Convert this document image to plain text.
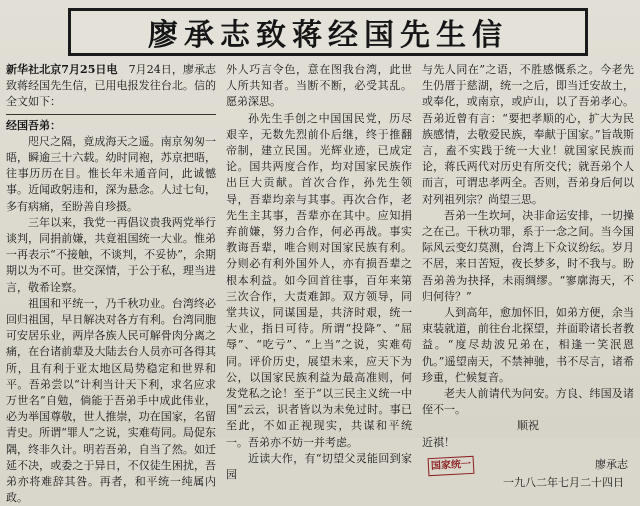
廖承志致蒋经国先生信

新华社北京7月25日电　 7月24日，廖承志致蒋经国先生信，已用电报发往台北。信的全文如下：

经国吾弟：

咫尺之隔，竟成海天之遥。南京匆匆一晤，瞬逾三十六载。幼时同袍，苏京把晤，往事历历在目。惟长年未通音问，此诚憾事。近闻政躬违和，深为悬念。人过七旬，多有病痛，至盼善自珍摄。

三年以来，我党一再倡议贵我两党举行谈判，同捐前嫌，共竟祖国统一大业。惟弟一再表示“不接触，不谈判，不妥协”，余期期以为不可。世交深情，于公于私，理当进言，敬希诠察。

祖国和平统一，乃千秋功业。台湾终必回归祖国，早日解决对各方有利。台湾同胞可安居乐业，两岸各族人民可解骨肉分离之痛，在台诸前辈及大陆去台人员亦可各得其所，且有利于亚太地区局势稳定和世界和平。吾弟尝以“计利当计天下利，求名应求万世名”自勉，倘能于吾弟手中成此伟业，必为举国尊敬，世人推崇，功在国家，名留青史。所谓“罪人”之说，实难苟同。局促东隅，终非久计。明若吾弟，自当了然。如迁延不决，或委之于异日，不仅徒生困扰，吾弟亦将难辞其咎。再者，和平统一纯属内政。

外人巧言令色，意在图我台湾，此世人所共知者。当断不断，必受其乱。愿弟深思。

孙先生手创之中国国民党，历尽艰辛，无数先烈前仆后继，终于推翻帝制，建立民国。光辉业迹，已成定论。国共两度合作，均对国家民族作出巨大贡献。首次合作，孙先生领导，吾辈均亲与其事。再次合作，老先生主其事，吾辈亦在其中。应知捐弃前嫌，努力合作，何必再战。事实教诲吾辈，唯合则对国家民族有利。分则必有利外国外人，亦有损吾辈之根本利益。如今回首往事，百年来第三次合作，大责难卸。双方领导，同堂共议，同谋国是，共济时艰，统一大业，指日可待。所谓“投降”、“屈辱”、“吃亏”、“上当”之说，实难苟同。评价历史，展望未来，应天下为公，以国家民族利益为最高准则，何发党私之论！至于“以三民主义统一中国“云云，识者皆以为未免过时。事已至此，不如正视现实，共谋和平统一。吾弟亦不妨一并考虑。

近读大作，有“切望父灵能回到家园

与先人同在”之语，不胜感慨系之。今老先生仍厝于慈湖，统一之后，即当迁安故土，或奉化，或南京，或庐山，以了吾弟孝心。吾弟近曾有言：“要把孝顺的心，扩大为民族感情，去敬爱民族，奉献于国家。”旨哉斯言，盍不实践于统一大业！就国家民族而论，蒋氏两代对历史有所交代；就吾弟个人而言，可谓忠孝两全。否则，吾弟身后何以对列祖列宗？尚望三思。

吾弟一生坎坷，决非命运安排，一切操之在己。干秋功罪，系于一念之间。当今国际风云变幻莫测，台湾上下众议纷纭。岁月不居，来日苦短，夜长梦多，时不我与。盼吾弟善为抉择，未雨绸缪。“寥廓海天，不归何待？”

人到高年，愈加怀旧，如弟方便，余当束装就道，前往台北探望，并面聆诸长者教益。“度尽劫波兄弟在，相逢一笑泯恩仇。”遥望南天，不禁神驰，书不尽言，诸希珍重，伫候复音。

老夫人前请代为问安。方良、纬国及诸侄不一。

顺祝

近祺！

国家统一	廖承志

一九八二年七月二十四日
